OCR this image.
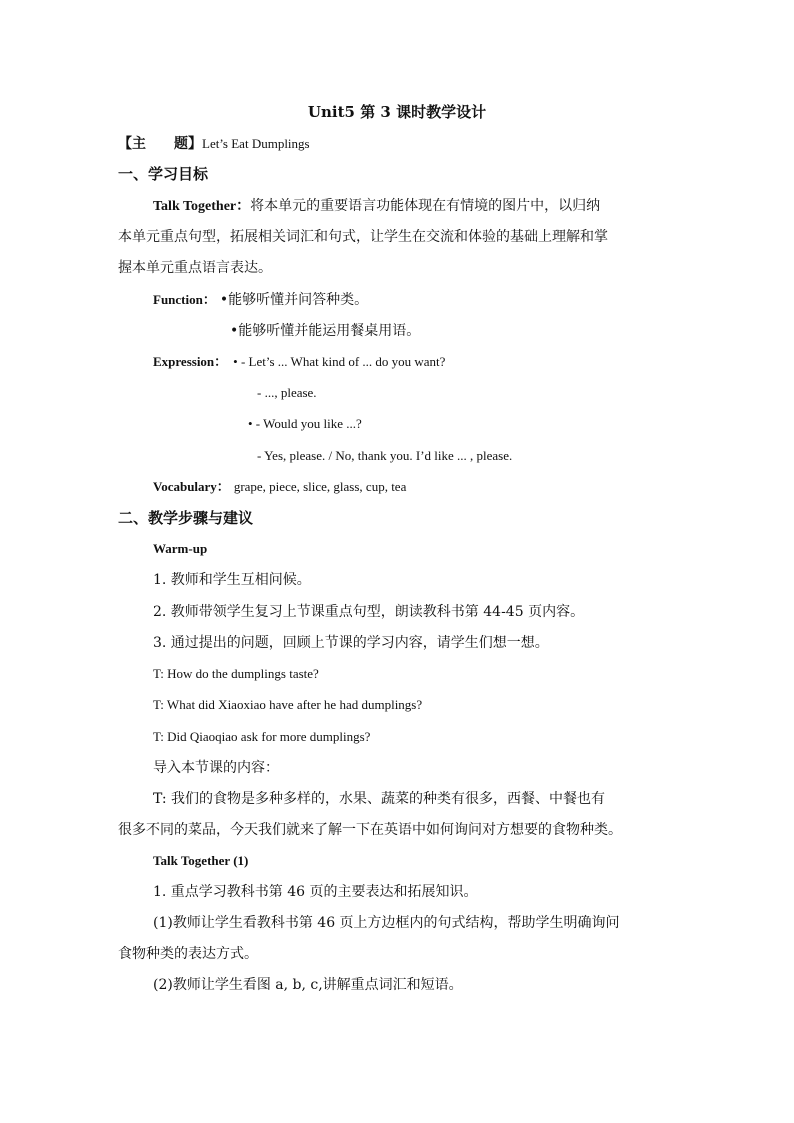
Unit5 第 3 课时教学设计
【主　　题】Let’s Eat Dumplings
一、学习目标
Talk Together：将本单元的重要语言功能体现在有情境的图片中，以归纳
本单元重点句型，拓展相关词汇和句式，让学生在交流和体验的基础上理解和掌
握本单元重点语言表达。
Function： •能够听懂并问答种类。
•能够听懂并能运用餐桌用语。
Expression： • - Let’s ... What kind of ... do you want?
- ..., please.
• - Would you like ...?
- Yes, please. / No, thank you. I’d like ... , please.
Vocabulary： grape, piece, slice, glass, cup, tea
二、教学步骤与建议
Warm-up
1. 教师和学生互相问候。
2. 教师带领学生复习上节课重点句型，朗读教科书第 44-45 页内容。
3. 通过提出的问题，回顾上节课的学习内容，请学生们想一想。
T: How do the dumplings taste?
T: What did Xiaoxiao have after he had dumplings?
T: Did Qiaoqiao ask for more dumplings?
导入本节课的内容：
T: 我们的食物是多种多样的，水果、蔬菜的种类有很多，西餐、中餐也有
很多不同的菜品，今天我们就来了解一下在英语中如何询问对方想要的食物种类。
Talk Together (1)
1. 重点学习教科书第 46 页的主要表达和拓展知识。
(1)教师让学生看教科书第 46 页上方边框内的句式结构，帮助学生明确询问
食物种类的表达方式。
(2)教师让学生看图 a, b, c,讲解重点词汇和短语。
